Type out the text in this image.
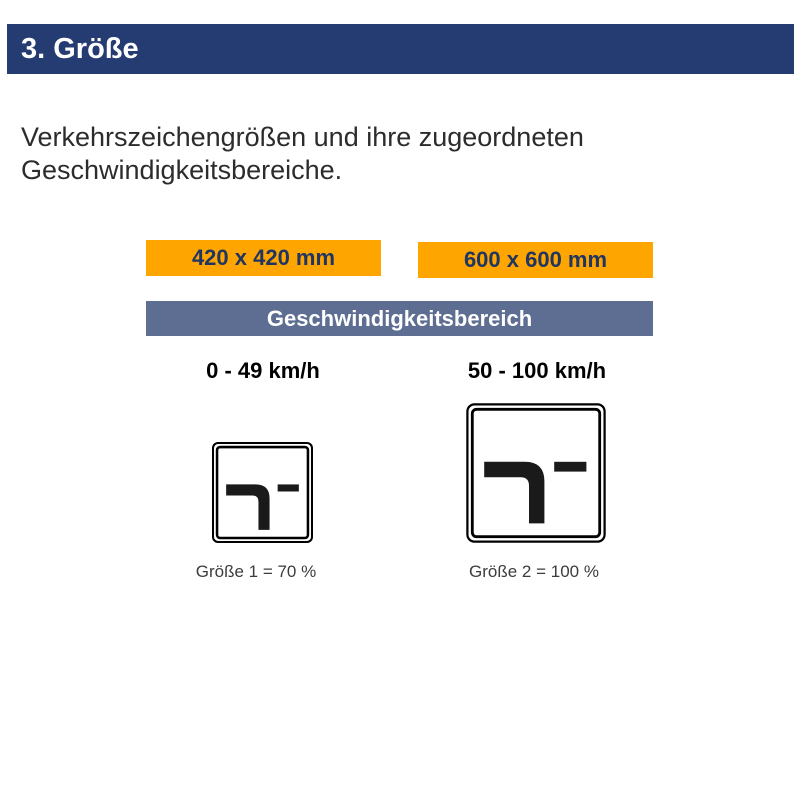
3. Größe

Verkehrszeichengrößen und ihre zugeordneten Geschwindigkeitsbereiche.

420 x 420 mm	600 x 600 mm
Geschwindigkeitsbereich
0 - 49 km/h	50 - 100 km/h
Größe 1 = 70 %	Größe 2 = 100 %
